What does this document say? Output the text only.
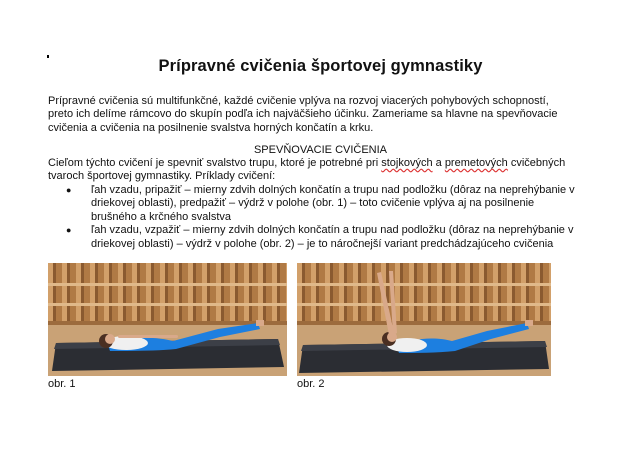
Prípravné cvičenia športovej gymnastiky
Prípravné cvičenia sú multifunkčné, každé cvičenie vplýva na rozvoj viacerých pohybových schopností,
preto ich delíme rámcovo do skupín podľa ich najväčšieho účinku. Zameriame sa hlavne na spevňovacie
cvičenia a cvičenia na posilnenie svalstva horných končatín a krku.
SPEVŇOVACIE CVIČENIA
Cieľom týchto cvičení je spevniť svalstvo trupu, ktoré je potrebné pri stojkových a premetových cvičebných
tvaroch športovej gymnastiky. Príklady cvičení:
● ľah vzadu, pripažiť – mierny zdvih dolných končatín a trupu nad podložku (dôraz na neprehýbanie v
driekovej oblasti), predpažiť – výdrž v polohe (obr. 1) – toto cvičenie vplýva aj na posilnenie
brušného a krčného svalstva
● ľah vzadu, vzpažiť – mierny zdvih dolných končatín a trupu nad podložku (dôraz na neprehýbanie v
driekovej oblasti) – výdrž v polohe (obr. 2) – je to náročnejší variant predchádzajúceho cvičenia
obr. 1	obr. 2
